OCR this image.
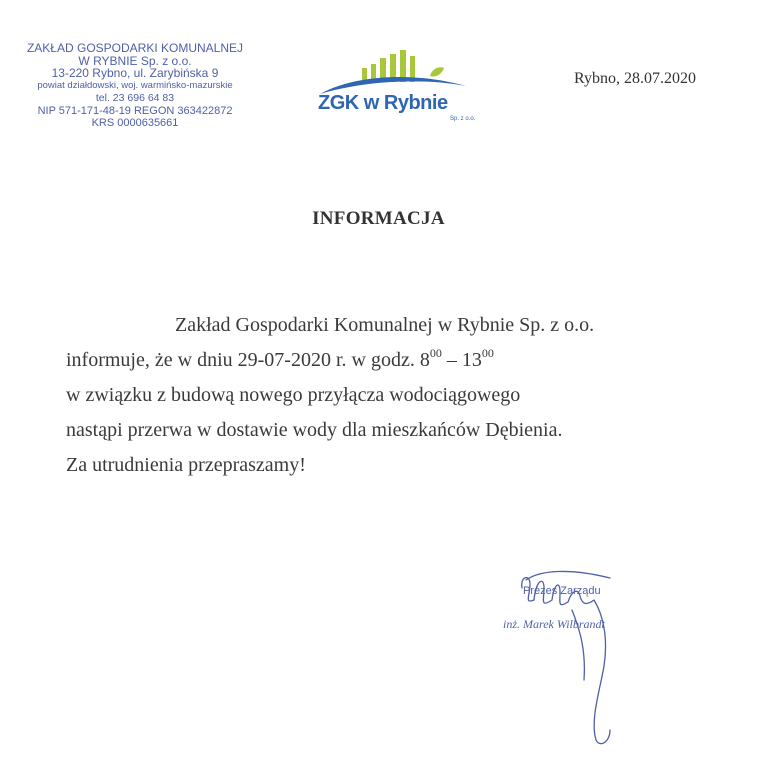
ZAKŁAD GOSPODARKI KOMUNALNEJ
W RYBNIE Sp. z o.o.
13-220 Rybno, ul. Zarybińska 9
powiat działdowski, woj. warmińsko-mazurskie
tel. 23 696 64 83
NIP 571-171-48-19 REGON 363422872
KRS 0000635661
ZGK w Rybnie
Sp. z o.o.
Rybno, 28.07.2020
INFORMACJA
Zakład Gospodarki Komunalnej w Rybnie Sp. z o.o.
informuje, że w dniu 29-07-2020 r. w godz. $8^{00} - 13^{00}$
w związku z budową nowego przyłącza wodociągowego
nastąpi przerwa w dostawie wody dla mieszkańców Dębienia.
Za utrudnienia przepraszamy!
Prezes Zarządu
inż. Marek Wilbrandt
